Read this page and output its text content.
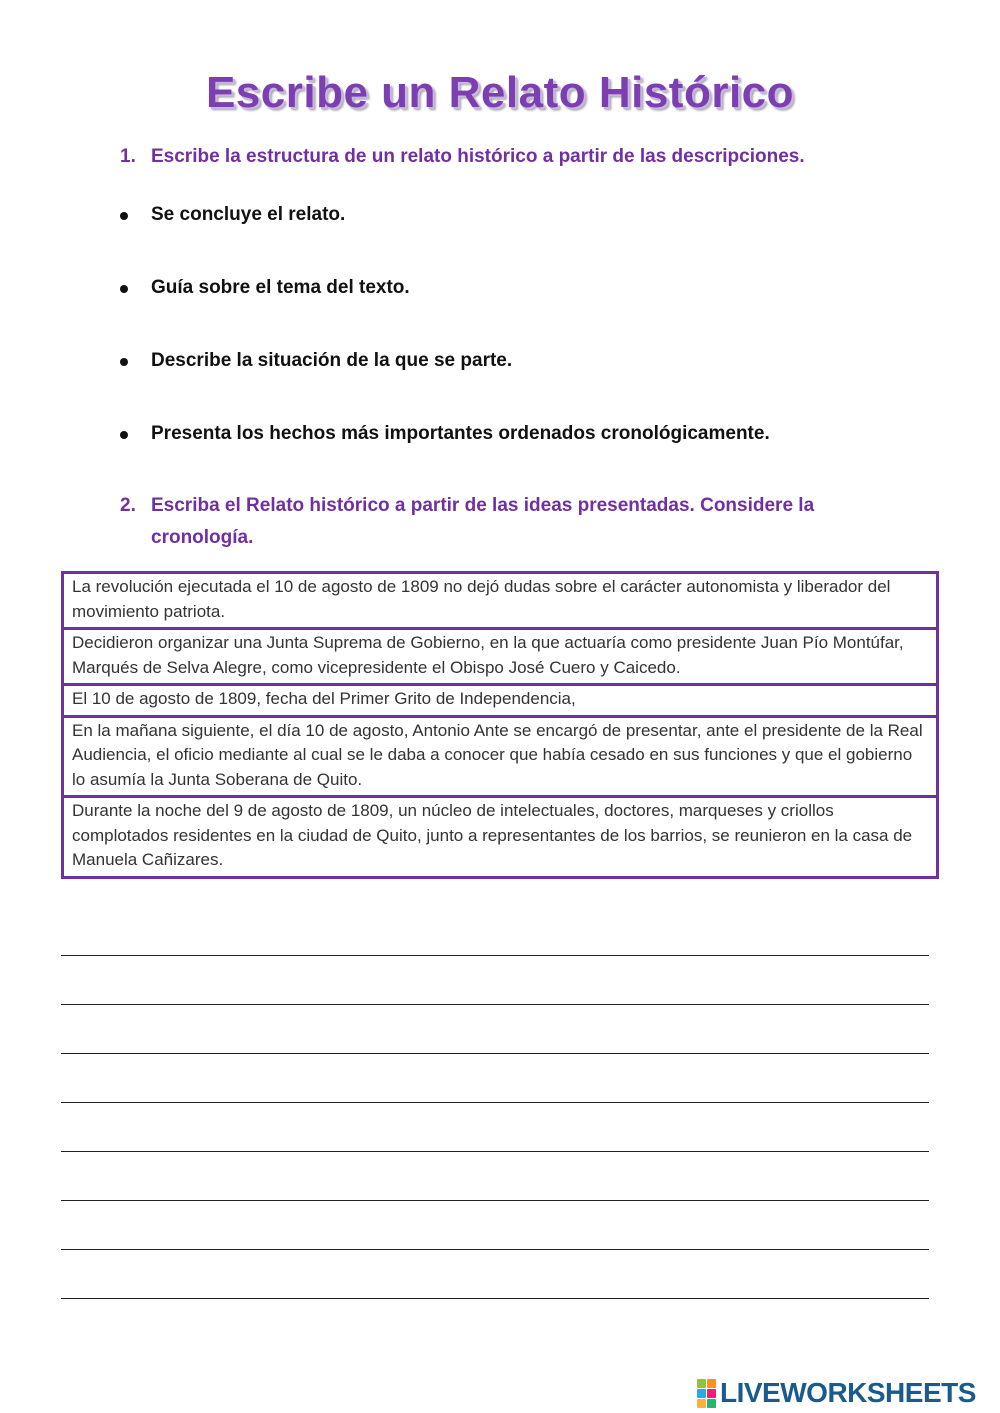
Escribe un Relato Histórico
1. Escribe la estructura de un relato histórico a partir de las descripciones.
Se concluye el relato.
Guía sobre el tema del texto.
Describe la situación de la que se parte.
Presenta los hechos más importantes ordenados cronológicamente.
2. Escriba el Relato histórico a partir de las ideas presentadas. Considere la cronología.
La revolución ejecutada el 10 de agosto de 1809 no dejó dudas sobre el carácter autonomista y liberador del movimiento patriota.
Decidieron organizar una Junta Suprema de Gobierno, en la que actuaría como presidente Juan Pío Montúfar, Marqués de Selva Alegre, como vicepresidente el Obispo José Cuero y Caicedo.
El 10 de agosto de 1809, fecha del Primer Grito de Independencia,
En la mañana siguiente, el día 10 de agosto, Antonio Ante se encargó de presentar, ante el presidente de la Real Audiencia, el oficio mediante al cual se le daba a conocer que había cesado en sus funciones y que el gobierno lo asumía la Junta Soberana de Quito.
Durante la noche del 9 de agosto de 1809, un núcleo de intelectuales, doctores, marqueses y criollos complotados residentes en la ciudad de Quito, junto a representantes de los barrios, se reunieron en la casa de Manuela Cañizares.
LIVEWORKSHEETS
